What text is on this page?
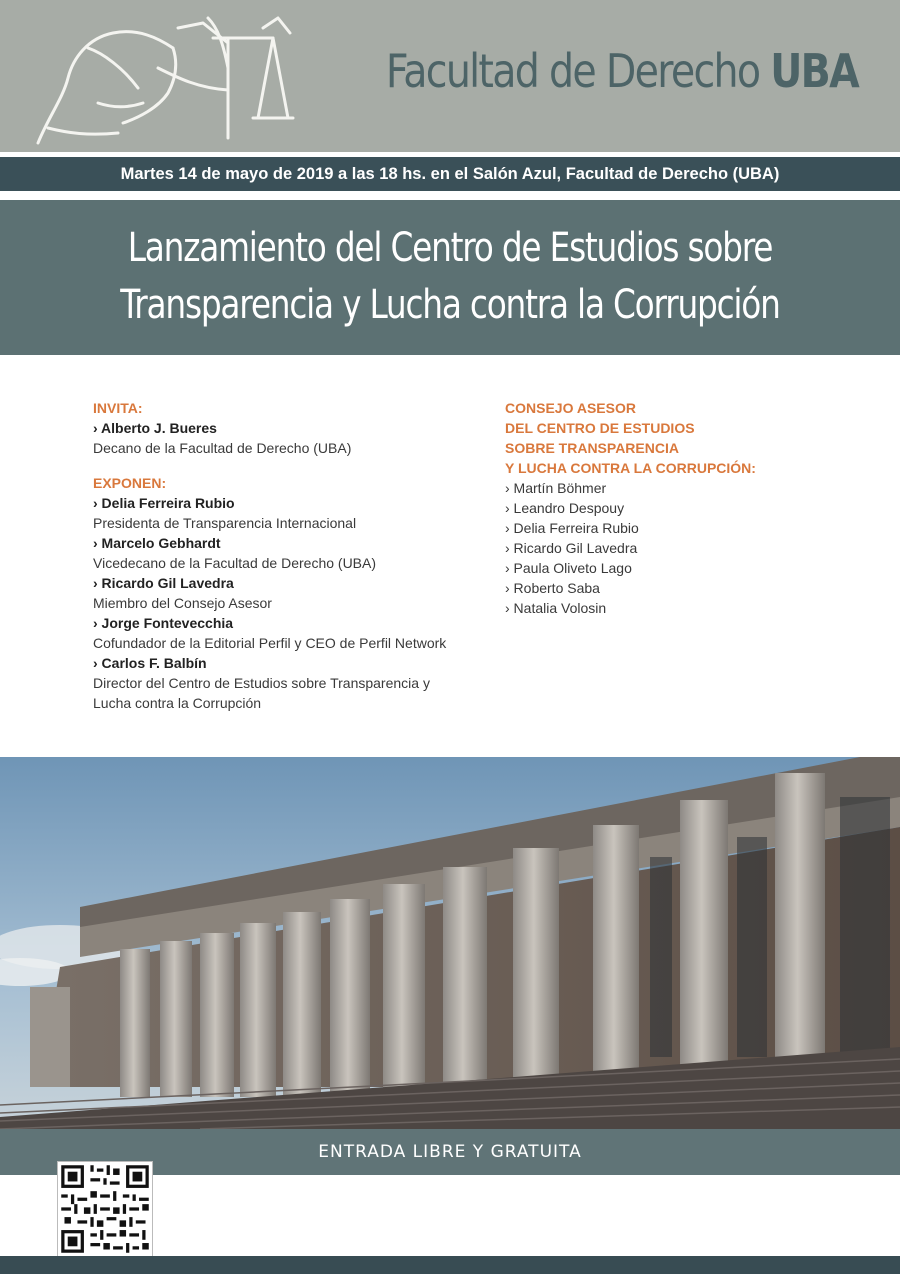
Facultad de Derecho UBA
Martes 14 de mayo de 2019 a las 18 hs. en el Salón Azul, Facultad de Derecho (UBA)
Lanzamiento del Centro de Estudios sobre
Transparencia y Lucha contra la Corrupción
INVITA:
› Alberto J. Bueres
Decano de la Facultad de Derecho (UBA)
EXPONEN:
› Delia Ferreira Rubio
Presidenta de Transparencia Internacional
› Marcelo Gebhardt
Vicedecano de la Facultad de Derecho (UBA)
› Ricardo Gil Lavedra
Miembro del Consejo Asesor
› Jorge Fontevecchia
Cofundador de la Editorial Perfil y CEO de Perfil Network
› Carlos F. Balbín
Director del Centro de Estudios sobre Transparencia y
Lucha contra la Corrupción
CONSEJO ASESOR
DEL CENTRO DE ESTUDIOS
SOBRE TRANSPARENCIA
Y LUCHA CONTRA LA CORRUPCIÓN:
› Martín Böhmer
› Leandro Despouy
› Delia Ferreira Rubio
› Ricardo Gil Lavedra
› Paula Oliveto Lago
› Roberto Saba
› Natalia Volosin
ENTRADA LIBRE Y GRATUITA
